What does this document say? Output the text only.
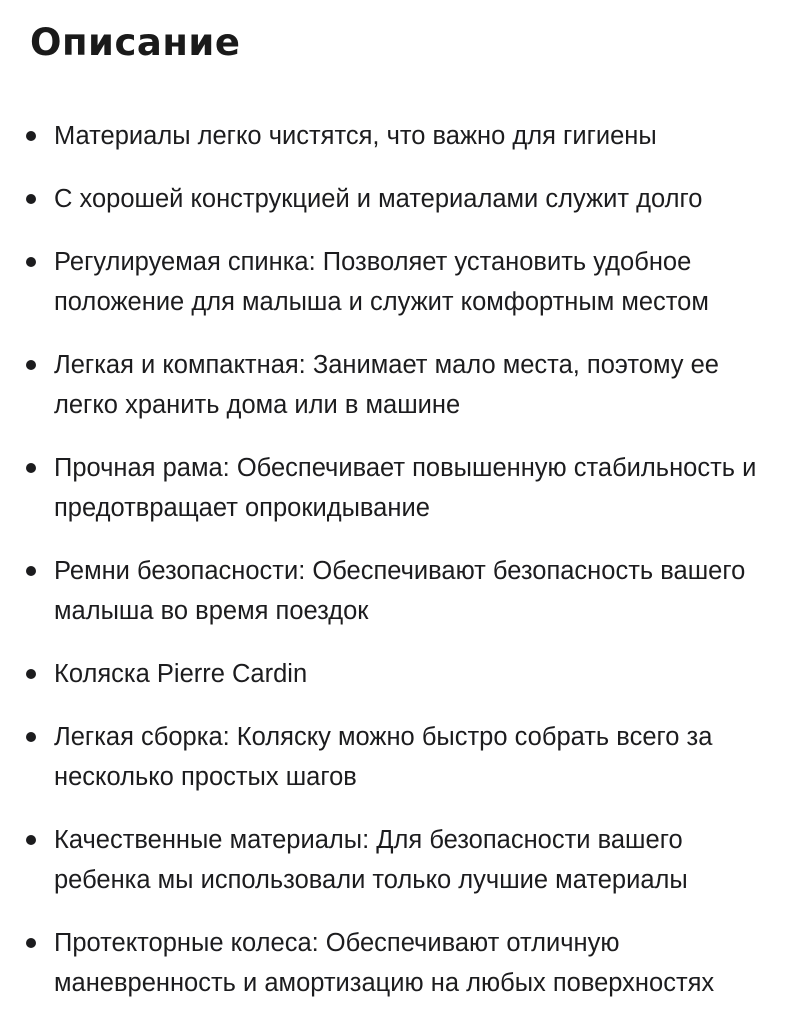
Описание
Материалы легко чистятся, что важно для гигиены
С хорошей конструкцией и материалами служит долго
Регулируемая спинка: Позволяет установить удобное положение для малыша и служит комфортным местом
Легкая и компактная: Занимает мало места, поэтому ее легко хранить дома или в машине
Прочная рама: Обеспечивает повышенную стабильность и предотвращает опрокидывание
Ремни безопасности: Обеспечивают безопасность вашего малыша во время поездок
Коляска Pierre Cardin
Легкая сборка: Коляску можно быстро собрать всего за несколько простых шагов
Качественные материалы: Для безопасности вашего ребенка мы использовали только лучшие материалы
Протекторные колеса: Обеспечивают отличную маневренность и амортизацию на любых поверхностях
